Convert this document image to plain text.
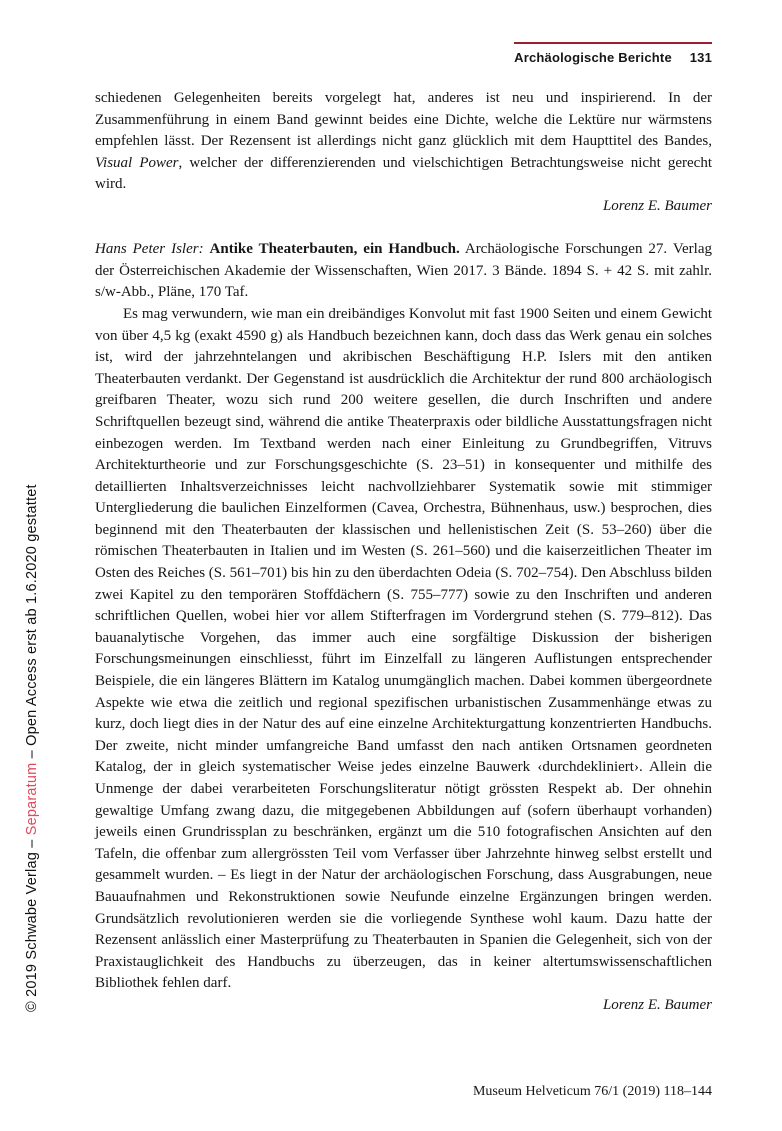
Archäologische Berichte 131
© 2019 Schwabe Verlag – Separatum – Open Access erst ab 1.6.2020 gestattet

schiedenen Gelegenheiten bereits vorgelegt hat, anderes ist neu und inspirierend. In der Zusammenführung in einem Band gewinnt beides eine Dichte, welche die Lektüre nur wärmstens empfehlen lässt. Der Rezensent ist allerdings nicht ganz glücklich mit dem Haupttitel des Bandes, Visual Power, welcher der differenzierenden und vielschichtigen Betrachtungsweise nicht gerecht wird.

Lorenz E. Baumer

Hans Peter Isler: Antike Theaterbauten, ein Handbuch. Archäologische Forschungen 27. Verlag der Österreichischen Akademie der Wissenschaften, Wien 2017. 3 Bände. 1894 S. + 42 S. mit zahlr. s/w-Abb., Pläne, 170 Taf.

Es mag verwundern, wie man ein dreibändiges Konvolut mit fast 1900 Seiten und einem Gewicht von über 4,5 kg (exakt 4590 g) als Handbuch bezeichnen kann, doch dass das Werk genau ein solches ist, wird der jahrzehntelangen und akribischen Beschäftigung H.P. Islers mit den antiken Theaterbauten verdankt. Der Gegenstand ist ausdrücklich die Architektur der rund 800 archäologisch greifbaren Theater, wozu sich rund 200 weitere gesellen, die durch Inschriften und andere Schriftquellen bezeugt sind, während die antike Theaterpraxis oder bildliche Ausstattungsfragen nicht einbezogen werden. Im Textband werden nach einer Einleitung zu Grundbegriffen, Vitruvs Architekturtheorie und zur Forschungsgeschichte (S. 23–51) in konsequenter und mithilfe des detaillierten Inhaltsverzeichnisses leicht nachvollziehbarer Systematik sowie mit stimmiger Untergliederung die baulichen Einzelformen (Cavea, Orchestra, Bühnenhaus, usw.) besprochen, dies beginnend mit den Theaterbauten der klassischen und hellenistischen Zeit (S. 53–260) über die römischen Theaterbauten in Italien und im Westen (S. 261–560) und die kaiserzeitlichen Theater im Osten des Reiches (S. 561–701) bis hin zu den überdachten Odeia (S. 702–754). Den Abschluss bilden zwei Kapitel zu den temporären Stoffdächern (S. 755–777) sowie zu den Inschriften und anderen schriftlichen Quellen, wobei hier vor allem Stifterfragen im Vordergrund stehen (S. 779–812). Das bauanalytische Vorgehen, das immer auch eine sorgfältige Diskussion der bisherigen Forschungsmeinungen einschliesst, führt im Einzelfall zu längeren Auflistungen entsprechender Beispiele, die ein längeres Blättern im Katalog unumgänglich machen. Dabei kommen übergeordnete Aspekte wie etwa die zeitlich und regional spezifischen urbanistischen Zusammenhänge etwas zu kurz, doch liegt dies in der Natur des auf eine einzelne Architekturgattung konzentrierten Handbuchs. Der zweite, nicht minder umfangreiche Band umfasst den nach antiken Ortsnamen geordneten Katalog, der in gleich systematischer Weise jedes einzelne Bauwerk ‹durchdekliniert›. Allein die Unmenge der dabei verarbeiteten Forschungsliteratur nötigt grössten Respekt ab. Der ohnehin gewaltige Umfang zwang dazu, die mitgegebenen Abbildungen auf (sofern überhaupt vorhanden) jeweils einen Grundrissplan zu beschränken, ergänzt um die 510 fotografischen Ansichten auf den Tafeln, die offenbar zum allergrössten Teil vom Verfasser über Jahrzehnte hinweg selbst erstellt und gesammelt wurden. – Es liegt in der Natur der archäologischen Forschung, dass Ausgrabungen, neue Bauaufnahmen und Rekonstruktionen sowie Neufunde einzelne Ergänzungen bringen werden. Grundsätzlich revolutionieren werden sie die vorliegende Synthese wohl kaum. Dazu hatte der Rezensent anlässlich einer Masterprüfung zu Theaterbauten in Spanien die Gelegenheit, sich von der Praxistauglichkeit des Handbuchs zu überzeugen, das in keiner altertumswissenschaftlichen Bibliothek fehlen darf.

Lorenz E. Baumer

Museum Helveticum 76/1 (2019) 118–144
